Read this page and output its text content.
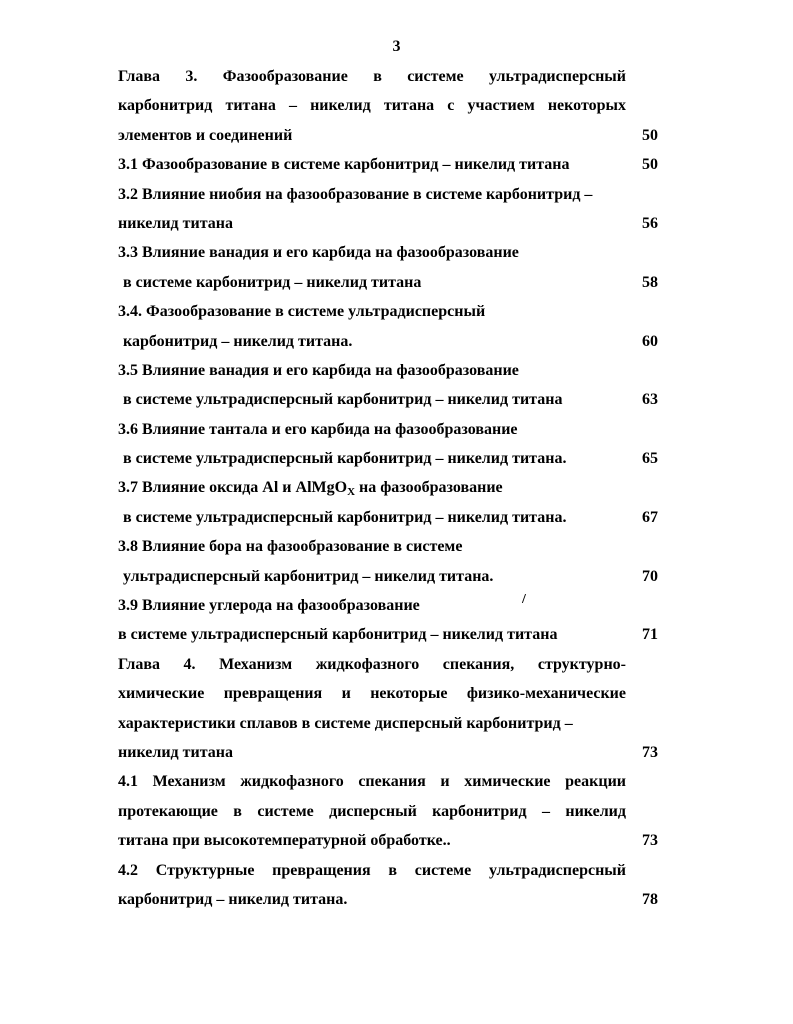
3
Глава 3. Фазообразование в системе ультрадисперсный
карбонитрид титана – никелид титана с участием некоторых
элементов и соединений	50
3.1 Фазообразование в системе карбонитрид – никелид титана	50
3.2 Влияние ниобия на фазообразование в системе карбонитрид –
никелид титана	56
3.3 Влияние ванадия и его карбида на фазообразование
в системе карбонитрид – никелид титана	58
3.4. Фазообразование в системе ультрадисперсный
карбонитрид – никелид титана.	60
3.5 Влияние ванадия и его карбида на фазообразование
в системе ультрадисперсный карбонитрид – никелид титана	63
3.6 Влияние тантала и его карбида на фазообразование
в системе ультрадисперсный карбонитрид – никелид титана.	65
3.7 Влияние оксида Al и AlMgO$_X$ на фазообразование
в системе ультрадисперсный карбонитрид – никелид титана.	67
3.8 Влияние бора на фазообразование в системе
ультрадисперсный карбонитрид – никелид титана.	70
3.9 Влияние углерода на фазообразование
в системе ультрадисперсный карбонитрид – никелид титана	71
Глава 4. Механизм жидкофазного спекания, структурно-
химические превращения и некоторые физико-механические
характеристики сплавов в системе дисперсный карбонитрид –
никелид титана	73
4.1 Механизм жидкофазного спекания и химические реакции
протекающие в системе дисперсный карбонитрид – никелид
титана при высокотемпературной обработке..	73
4.2 Структурные превращения в системе ультрадисперсный
карбонитрид – никелид титана.	78
/
